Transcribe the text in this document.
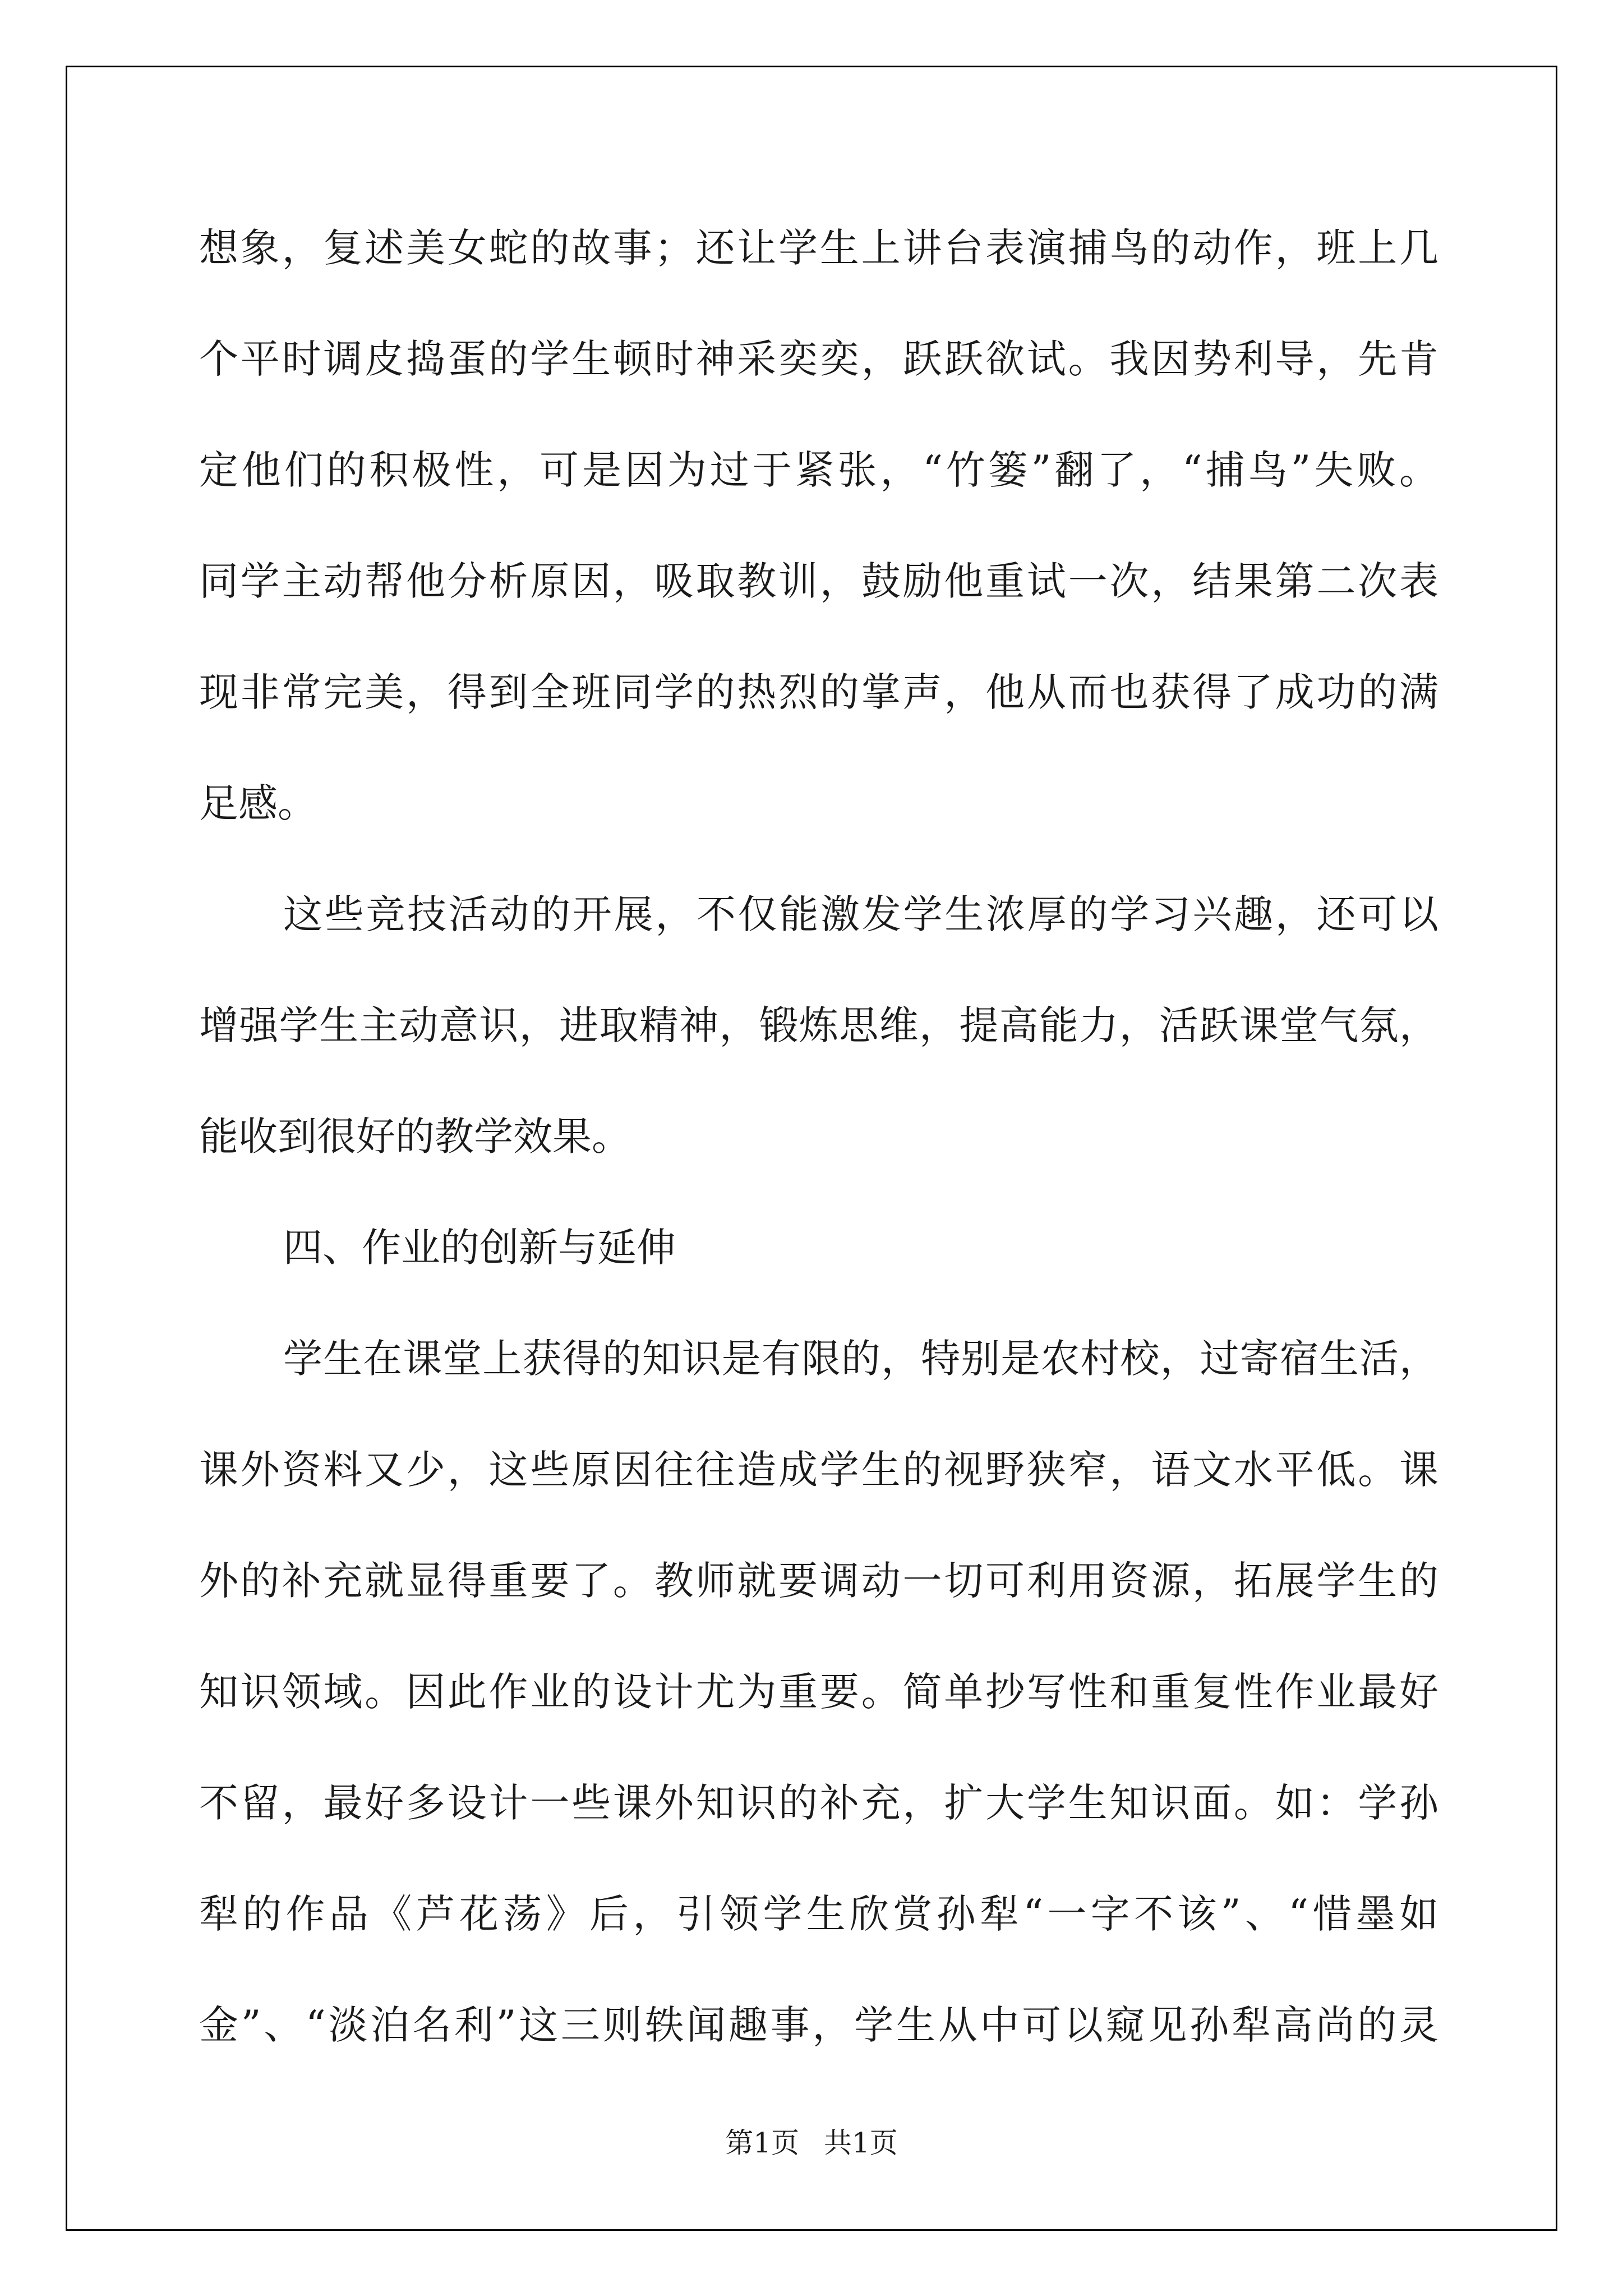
想象，复述美女蛇的故事；还让学生上讲台表演捕鸟的动作，班上几
个平时调皮捣蛋的学生顿时神采奕奕，跃跃欲试。我因势利导，先肯
定他们的积极性，可是因为过于紧张，“竹篓”翻了，“捕鸟”失败。
同学主动帮他分析原因，吸取教训，鼓励他重试一次，结果第二次表
现非常完美，得到全班同学的热烈的掌声，他从而也获得了成功的满
足感。
这些竞技活动的开展，不仅能激发学生浓厚的学习兴趣，还可以
增强学生主动意识，进取精神，锻炼思维，提高能力，活跃课堂气氛，
能收到很好的教学效果。
四、作业的创新与延伸
学生在课堂上获得的知识是有限的，特别是农村校，过寄宿生活，
课外资料又少，这些原因往往造成学生的视野狭窄，语文水平低。课
外的补充就显得重要了。教师就要调动一切可利用资源，拓展学生的
知识领域。因此作业的设计尤为重要。简单抄写性和重复性作业最好
不留，最好多设计一些课外知识的补充，扩大学生知识面。如：学孙
犁的作品《芦花荡》后，引领学生欣赏孙犁“一字不该”、“惜墨如
金”、“淡泊名利”这三则轶闻趣事，学生从中可以窥见孙犁高尚的灵
第1页 共1页
